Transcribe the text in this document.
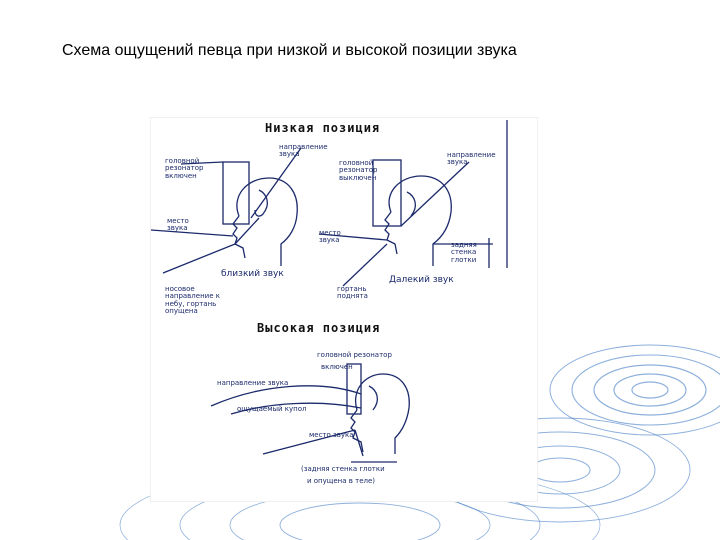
Схема ощущений певца при низкой и высокой позиции звука
Низкая позиция
Высокая позиция
головной резонатор включен
направление звука
место звука
близкий звук
носовое направление к небу, гортань опущена
головной резонатор выключен
направление звука
место звука
задняя стенка глотки
Далекий звук
гортань поднята
головной резонатор
включен
направление звука
ощущаемый купол
место звука
(задняя стенка глотки
и опущена в теле)
